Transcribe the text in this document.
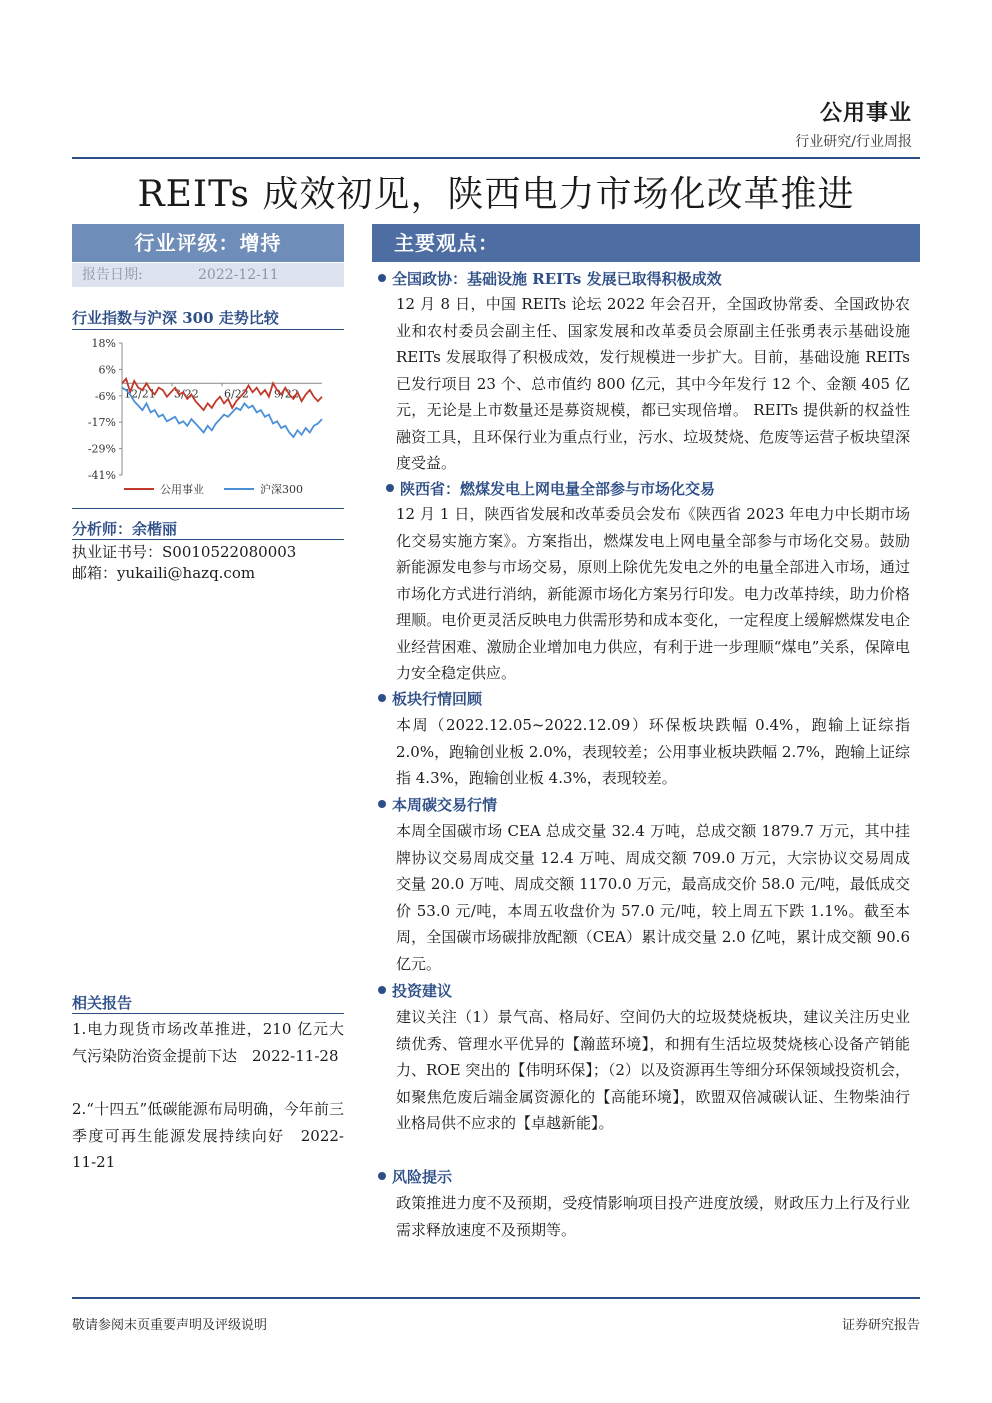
公用事业
行业研究/行业周报
REITs 成效初见，陕西电力市场化改革推进
行业评级：增持
报告日期:	2022-12-11
行业指数与沪深 300 走势比较
18%
6%
-6%
-17%
-29%
-41%
12/21 3/22 6/22 9/22
公用事业	沪深300
分析师：余楷丽
执业证书号：S0010522080003
邮箱：yukaili@hazq.com
相关报告
1.电力现货市场改革推进，210 亿元大气污染防治资金提前下达　2022-11-28
2.“十四五”低碳能源布局明确，今年前三季度可再生能源发展持续向好　2022-11-21
主要观点：
全国政协：基础设施 REITs 发展已取得积极成效
12 月 8 日，中国 REITs 论坛 2022 年会召开，全国政协常委、全国政协农业和农村委员会副主任、国家发展和改革委员会原副主任张勇表示基础设施 REITs 发展取得了积极成效，发行规模进一步扩大。目前，基础设施 REITs 已发行项目 23 个、总市值约 800 亿元，其中今年发行 12 个、金额 405 亿元，无论是上市数量还是募资规模，都已实现倍增。 REITs 提供新的权益性融资工具，且环保行业为重点行业，污水、垃圾焚烧、危废等运营子板块望深度受益。
陕西省：燃煤发电上网电量全部参与市场化交易
12 月 1 日，陕西省发展和改革委员会发布《陕西省 2023 年电力中长期市场化交易实施方案》。方案指出，燃煤发电上网电量全部参与市场化交易。鼓励新能源发电参与市场交易，原则上除优先发电之外的电量全部进入市场，通过市场化方式进行消纳，新能源市场化方案另行印发。电力改革持续，助力价格理顺。电价更灵活反映电力供需形势和成本变化，一定程度上缓解燃煤发电企业经营困难、激励企业增加电力供应，有利于进一步理顺“煤电”关系，保障电力安全稳定供应。
板块行情回顾
本周（2022.12.05~2022.12.09）环保板块跌幅 0.4%，跑输上证综指 2.0%，跑输创业板 2.0%，表现较差；公用事业板块跌幅 2.7%，跑输上证综指 4.3%，跑输创业板 4.3%，表现较差。
本周碳交易行情
本周全国碳市场 CEA 总成交量 32.4 万吨，总成交额 1879.7 万元，其中挂牌协议交易周成交量 12.4 万吨、周成交额 709.0 万元，大宗协议交易周成交量 20.0 万吨、周成交额 1170.0 万元，最高成交价 58.0 元/吨，最低成交价 53.0 元/吨，本周五收盘价为 57.0 元/吨，较上周五下跌 1.1%。截至本周，全国碳市场碳排放配额（CEA）累计成交量 2.0 亿吨，累计成交额 90.6 亿元。
投资建议
建议关注（1）景气高、格局好、空间仍大的垃圾焚烧板块，建议关注历史业绩优秀、管理水平优异的【瀚蓝环境】，和拥有生活垃圾焚烧核心设备产销能力、ROE 突出的【伟明环保】；（2）以及资源再生等细分环保领域投资机会，如聚焦危废后端金属资源化的【高能环境】，欧盟双倍减碳认证、生物柴油行业格局供不应求的【卓越新能】。
风险提示
政策推进力度不及预期，受疫情影响项目投产进度放缓，财政压力上行及行业需求释放速度不及预期等。
敬请参阅末页重要声明及评级说明	证券研究报告
